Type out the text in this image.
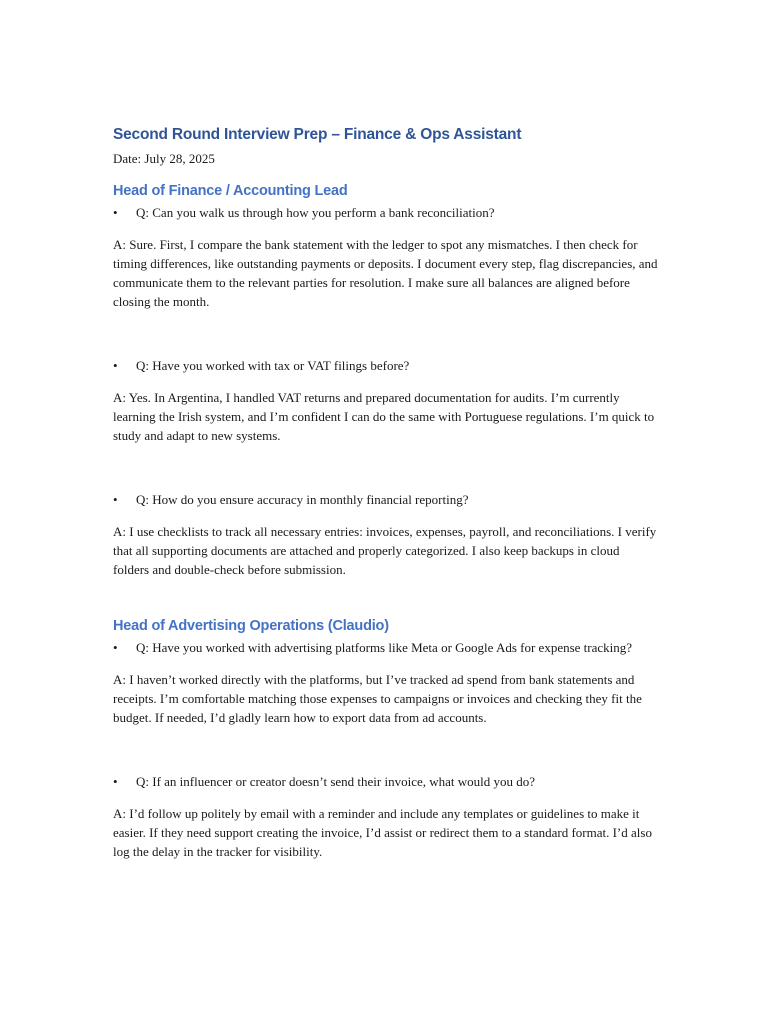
Second Round Interview Prep – Finance & Ops Assistant

Date: July 28, 2025

Head of Finance / Accounting Lead
• Q: Can you walk us through how you perform a bank reconciliation?

A: Sure. First, I compare the bank statement with the ledger to spot any mismatches. I then check for timing differences, like outstanding payments or deposits. I document every step, flag discrepancies, and communicate them to the relevant parties for resolution. I make sure all balances are aligned before closing the month.

• Q: Have you worked with tax or VAT filings before?

A: Yes. In Argentina, I handled VAT returns and prepared documentation for audits. I’m currently learning the Irish system, and I’m confident I can do the same with Portuguese regulations. I’m quick to study and adapt to new systems.

• Q: How do you ensure accuracy in monthly financial reporting?

A: I use checklists to track all necessary entries: invoices, expenses, payroll, and reconciliations. I verify that all supporting documents are attached and properly categorized. I also keep backups in cloud folders and double-check before submission.

Head of Advertising Operations (Claudio)
• Q: Have you worked with advertising platforms like Meta or Google Ads for expense tracking?

A: I haven’t worked directly with the platforms, but I’ve tracked ad spend from bank statements and receipts. I’m comfortable matching those expenses to campaigns or invoices and checking they fit the budget. If needed, I’d gladly learn how to export data from ad accounts.

• Q: If an influencer or creator doesn’t send their invoice, what would you do?

A: I’d follow up politely by email with a reminder and include any templates or guidelines to make it easier. If they need support creating the invoice, I’d assist or redirect them to a standard format. I’d also log the delay in the tracker for visibility.
